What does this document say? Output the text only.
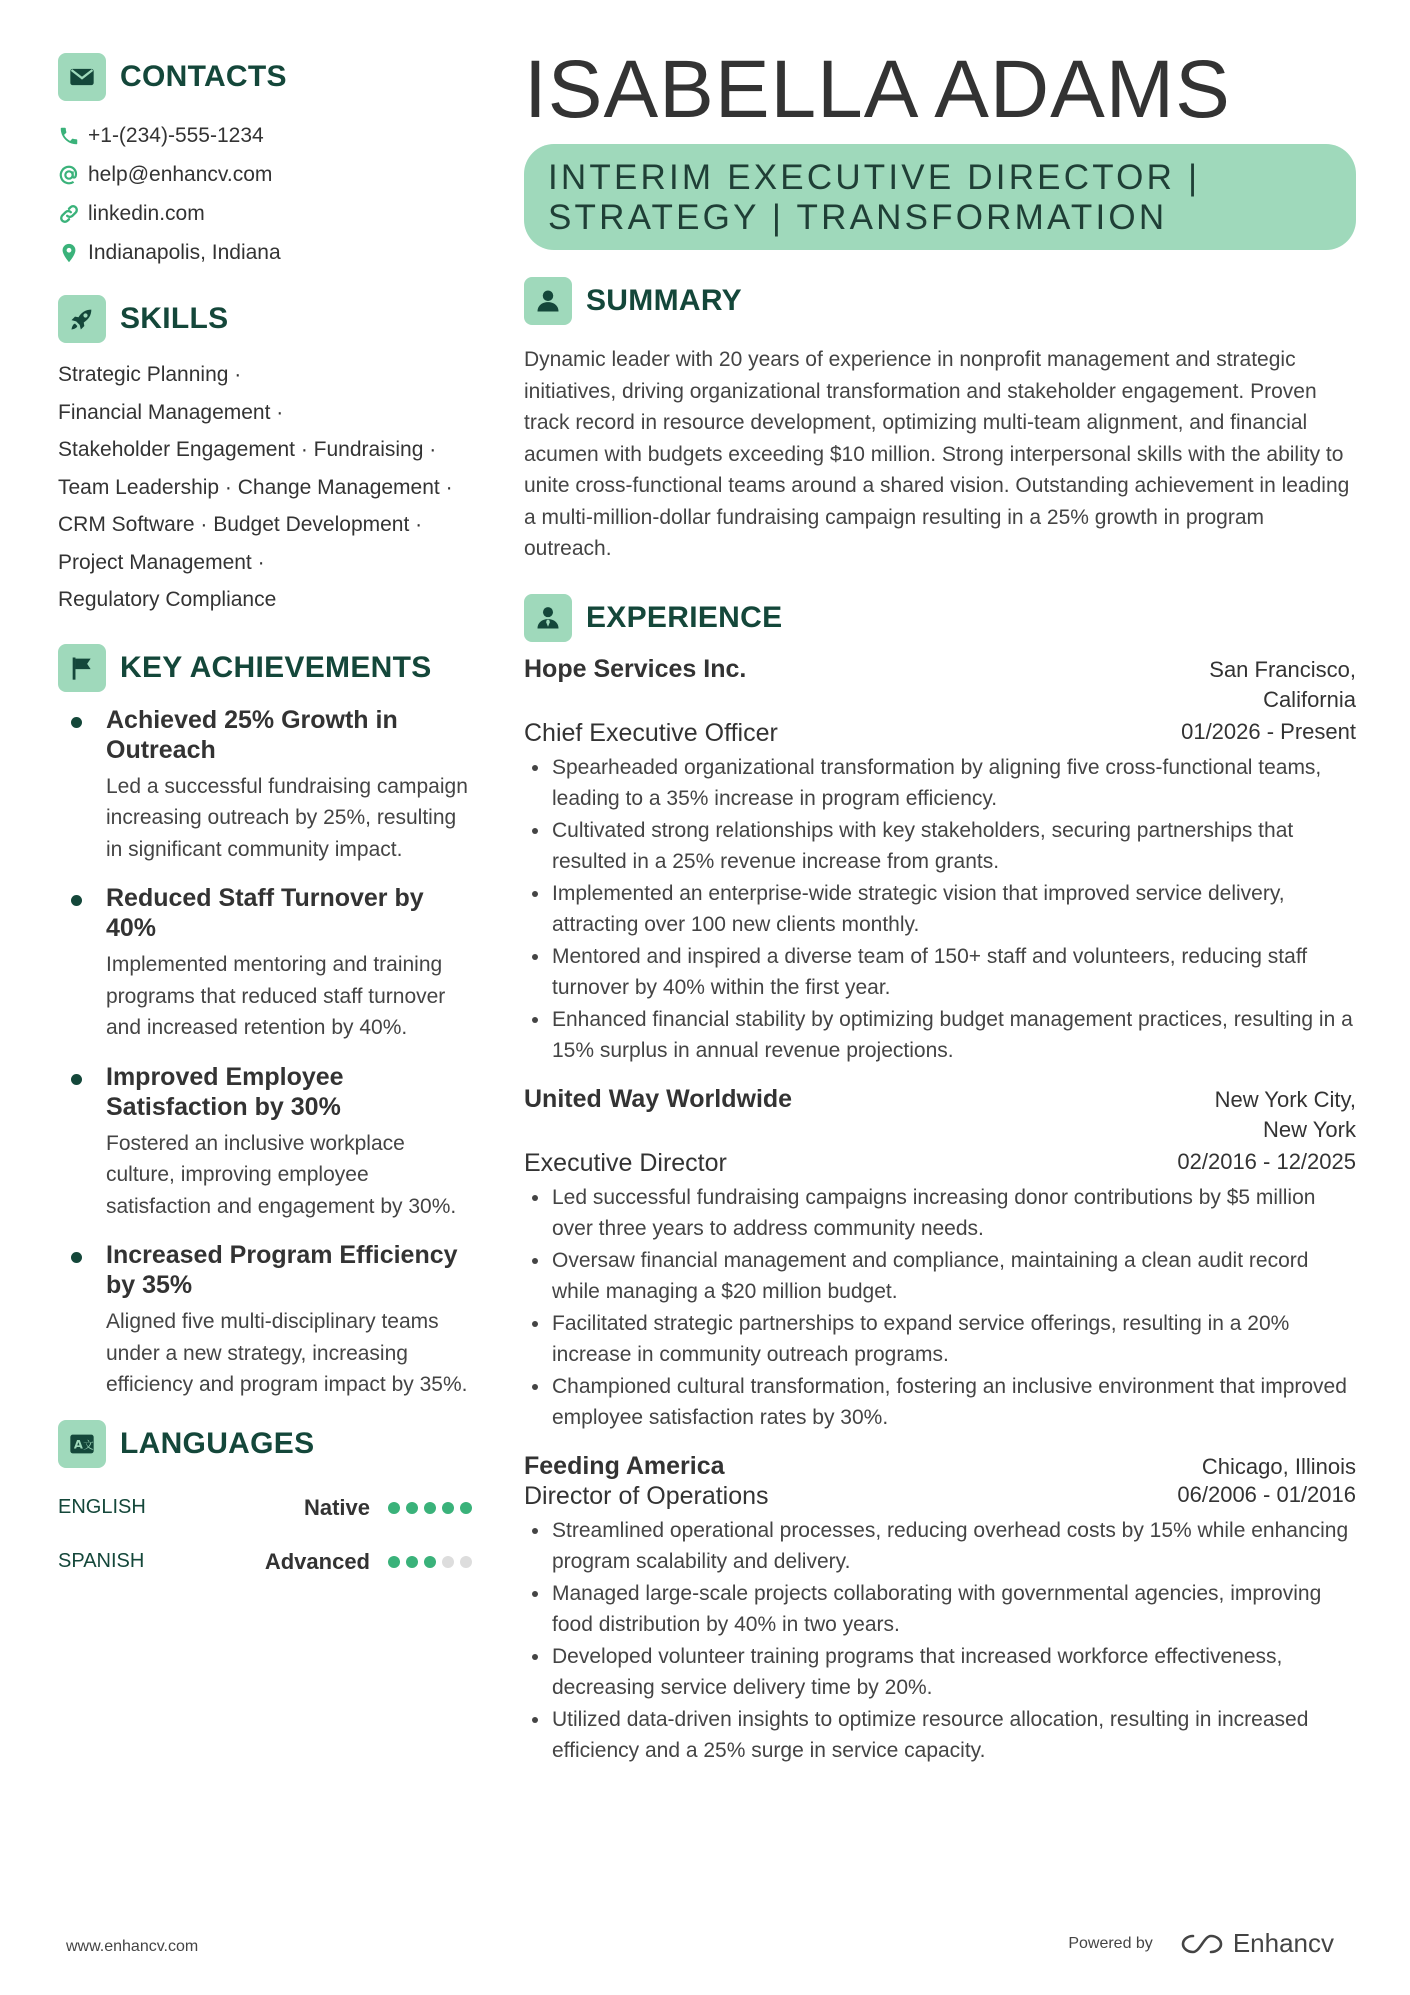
CONTACTS
+1-(234)-555-1234
help@enhancv.com
linkedin.com
Indianapolis, Indiana
SKILLS
Strategic Planning ·
Financial Management ·
Stakeholder Engagement · Fundraising ·
Team Leadership · Change Management ·
CRM Software · Budget Development ·
Project Management ·
Regulatory Compliance
KEY ACHIEVEMENTS
Achieved 25% Growth in Outreach
Led a successful fundraising campaign increasing outreach by 25%, resulting in significant community impact.
Reduced Staff Turnover by 40%
Implemented mentoring and training programs that reduced staff turnover and increased retention by 40%.
Improved Employee Satisfaction by 30%
Fostered an inclusive workplace culture, improving employee satisfaction and engagement by 30%.
Increased Program Efficiency by 35%
Aligned five multi-disciplinary teams under a new strategy, increasing efficiency and program impact by 35%.
A 文 LANGUAGES
ENGLISH	Native
SPANISH	Advanced
ISABELLA ADAMS
INTERIM EXECUTIVE DIRECTOR |
STRATEGY | TRANSFORMATION
SUMMARY
Dynamic leader with 20 years of experience in nonprofit management and strategic initiatives, driving organizational transformation and stakeholder engagement. Proven track record in resource development, optimizing multi-team alignment, and financial acumen with budgets exceeding $10 million. Strong interpersonal skills with the ability to unite cross-functional teams around a shared vision. Outstanding achievement in leading a multi-million-dollar fundraising campaign resulting in a 25% growth in program outreach.
EXPERIENCE
Hope Services Inc.	San Francisco,
California
Chief Executive Officer	01/2026 - Present
Spearheaded organizational transformation by aligning five cross-functional teams, leading to a 35% increase in program efficiency.
Cultivated strong relationships with key stakeholders, securing partnerships that resulted in a 25% revenue increase from grants.
Implemented an enterprise-wide strategic vision that improved service delivery, attracting over 100 new clients monthly.
Mentored and inspired a diverse team of 150+ staff and volunteers, reducing staff turnover by 40% within the first year.
Enhanced financial stability by optimizing budget management practices, resulting in a 15% surplus in annual revenue projections.
United Way Worldwide	New York City,
New York
Executive Director	02/2016 - 12/2025
Led successful fundraising campaigns increasing donor contributions by $5 million over three years to address community needs.
Oversaw financial management and compliance, maintaining a clean audit record while managing a $20 million budget.
Facilitated strategic partnerships to expand service offerings, resulting in a 20% increase in community outreach programs.
Championed cultural transformation, fostering an inclusive environment that improved employee satisfaction rates by 30%.
Feeding America	Chicago, Illinois
Director of Operations	06/2006 - 01/2016
Streamlined operational processes, reducing overhead costs by 15% while enhancing program scalability and delivery.
Managed large-scale projects collaborating with governmental agencies, improving food distribution by 40% in two years.
Developed volunteer training programs that increased workforce effectiveness, decreasing service delivery time by 20%.
Utilized data-driven insights to optimize resource allocation, resulting in increased efficiency and a 25% surge in service capacity.
www.enhancv.com	Powered by	Enhancv
